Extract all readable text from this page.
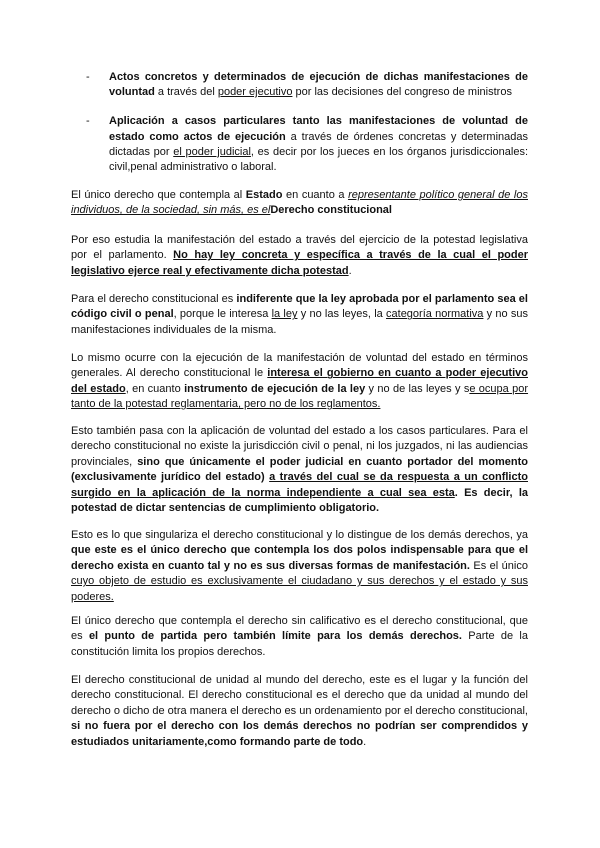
- Actos concretos y determinados de ejecución de dichas manifestaciones de voluntad a través del poder ejecutivo por las decisiones del congreso de ministros
- Aplicación a casos particulares tanto las manifestaciones de voluntad de estado como actos de ejecución a través de órdenes concretas y determinadas dictadas por el poder judicial, es decir por los jueces en los órganos jurisdiccionales: civil,penal administrativo o laboral.

El único derecho que contempla al Estado en cuanto a representante político general de los individuos, de la sociedad, sin más, es elDerecho constitucional

Por eso estudia la manifestación del estado a través del ejercicio de la potestad legislativa por el parlamento. No hay ley concreta y específica a través de la cual el poder legislativo ejerce real y efectivamente dicha potestad.

Para el derecho constitucional es indiferente que la ley aprobada por el parlamento sea el código civil o penal, porque le interesa la ley y no las leyes, la categoría normativa y no sus manifestaciones individuales de la misma.

Lo mismo ocurre con la ejecución de la manifestación de voluntad del estado en términos generales. Al derecho constitucional le interesa el gobierno en cuanto a poder ejecutivo del estado, en cuanto instrumento de ejecución de la ley y no de las leyes y se ocupa por tanto de la potestad reglamentaria, pero no de los reglamentos.

Esto también pasa con la aplicación de voluntad del estado a los casos particulares. Para el derecho constitucional no existe la jurisdicción civil o penal, ni los juzgados, ni las audiencias provinciales, sino que únicamente el poder judicial en cuanto portador del momento (exclusivamente jurídico del estado) a través del cual se da respuesta a un conflicto surgido en la aplicación de la norma independiente a cual sea esta. Es decir, la potestad de dictar sentencias de cumplimiento obligatorio.

Esto es lo que singulariza el derecho constitucional y lo distingue de los demás derechos, ya que este es el único derecho que contempla los dos polos indispensable para que el derecho exista en cuanto tal y no es sus diversas formas de manifestación. Es el único cuyo objeto de estudio es exclusivamente el ciudadano y sus derechos y el estado y sus poderes.

El único derecho que contempla el derecho sin calificativo es el derecho constitucional, que es el punto de partida pero también límite para los demás derechos. Parte de la constitución limita los propios derechos.

El derecho constitucional de unidad al mundo del derecho, este es el lugar y la función del derecho constitucional. El derecho constitucional es el derecho que da unidad al mundo del derecho o dicho de otra manera el derecho es un ordenamiento por el derecho constitucional, si no fuera por el derecho con los demás derechos no podrían ser comprendidos y estudiados unitariamente,como formando parte de todo.
